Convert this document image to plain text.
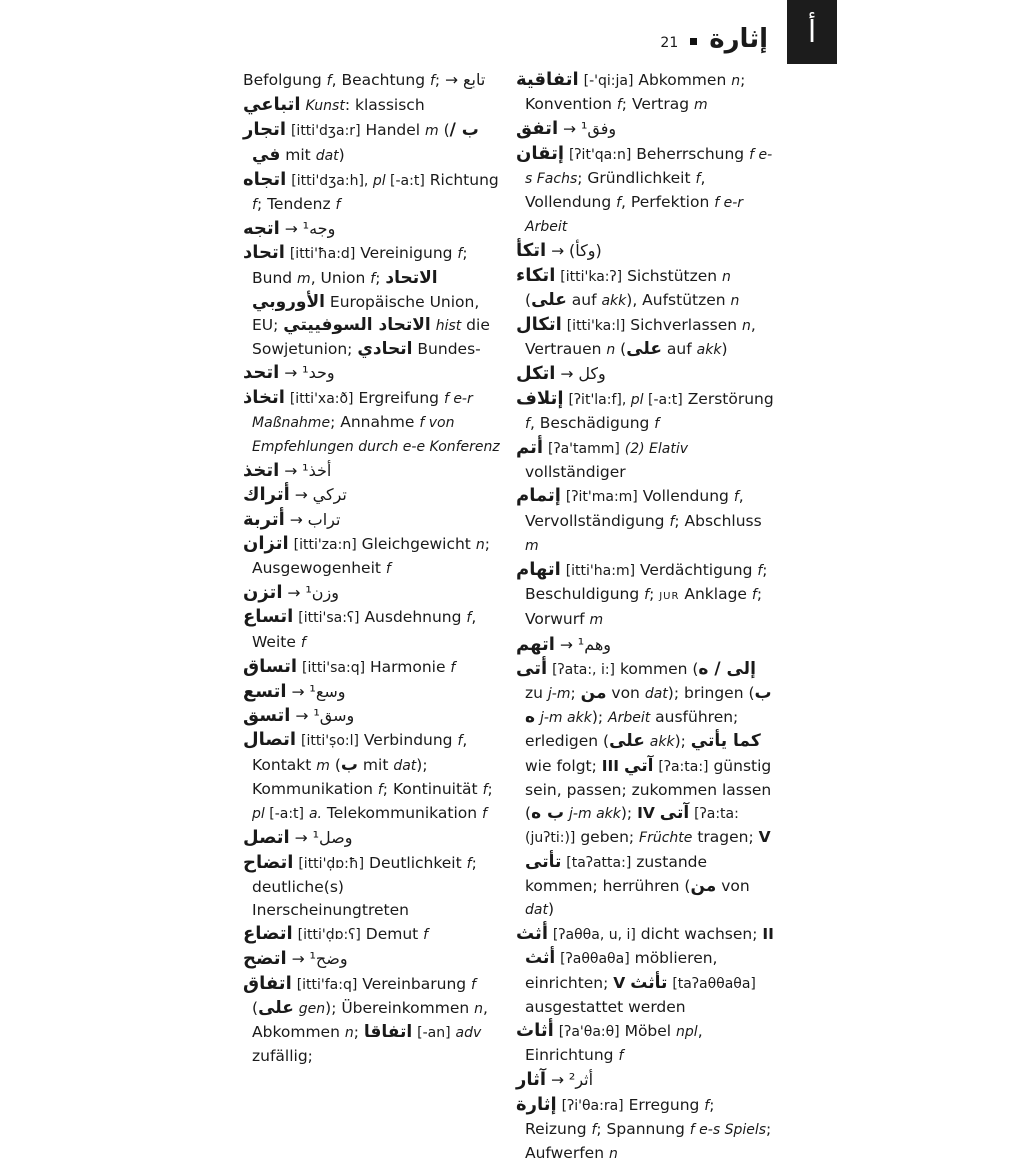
أ
21 إثارة

Befolgung f, Beachtung f; → تابع

اتباعي Kunst: klassisch

اتجار [itti'dʒa:r] Handel m (ب / في mit dat)

اتجاه [itti'dʒa:h], pl [-a:t] Richtung f; Tendenz f

اتجه → وجه¹

اتحاد [itti'ħa:d] Vereinigung f; Bund m, Union f; الاتحاد الأوروبي Europäische Union, EU; الاتحاد السوفييتي hist die Sowjetunion; اتحادي Bundes-

اتحد → وحد¹

اتخاذ [itti'xa:ð] Ergreifung f e-r Maßnahme; Annahme f von Empfehlungen durch e-e Konferenz

اتخذ → أخذ¹

أتراك → تركي

أتربة → تراب

اتزان [itti'za:n] Gleichgewicht n; Ausgewogenheit f

اتزن → وزن¹

اتساع [itti'sa:ʕ] Ausdehnung f, Weite f

اتساق [itti'sa:q] Harmonie f

اتسع → وسع¹

اتسق → وسق¹

اتصال [itti'ṣo:l] Verbindung f, Kontakt m (ب mit dat); Kommunikation f; Kontinuität f; pl [-a:t] a. Telekommunikation f

اتصل → وصل¹

اتضاح [itti'ḍɒ:ħ] Deutlichkeit f; deutliche(s) Inerscheinungtreten

اتضاع [itti'ḍɒ:ʕ] Demut f

اتضح → وضح¹

اتفاق [itti'fa:q] Vereinbarung f (على gen); Übereinkommen n, Abkommen n; اتفاقا [-an] adv zufällig;

اتفاقية [-'qi:ja] Abkommen n; Konvention f; Vertrag m

اتفق → وفق¹

إتقان [ʔit'qa:n] Beherrschung f e-s Fachs; Gründlichkeit f, Vollendung f, Perfektion f e-r Arbeit

اتكأ → (وكأ)

اتكاء [itti'ka:ʔ] Sichstützen n (على auf akk), Aufstützen n

اتكال [itti'ka:l] Sichverlassen n, Vertrauen n (على auf akk)

اتكل → وكل

إتلاف [ʔit'la:f], pl [-a:t] Zerstörung f, Beschädigung f

أتم [ʔa'tamm] (2) Elativ vollständiger

إتمام [ʔit'ma:m] Vollendung f, Vervollständigung f; Abschluss m

اتهام [itti'ha:m] Verdächtigung f; Beschuldigung f; JUR Anklage f; Vorwurf m

اتهم → وهم¹

أتى [ʔata:, i:] kommen (إلى / ه zu j-m; من von dat); bringen (ب ه j-m akk); Arbeit ausführen; erledigen (على akk); كما يأتي wie folgt; III آتي [ʔa:ta:] günstig sein, passen; zukommen lassen (ب ه j-m akk); IV آتى [ʔa:ta: (juʔti:)] geben; Früchte tragen; V تأتى [taʔatta:] zustande kommen; herrühren (من von dat)

أثث [ʔaθθa, u, i] dicht wachsen; II أثث [ʔaθθaθa] möblieren, einrichten; V تأثث [taʔaθθaθa] ausgestattet werden

أثاث [ʔa'θa:θ] Möbel npl, Einrichtung f

آثار → أثر²

إثارة [ʔi'θa:ra] Erregung f; Reizung f; Spannung f e-s Spiels; Aufwerfen n
